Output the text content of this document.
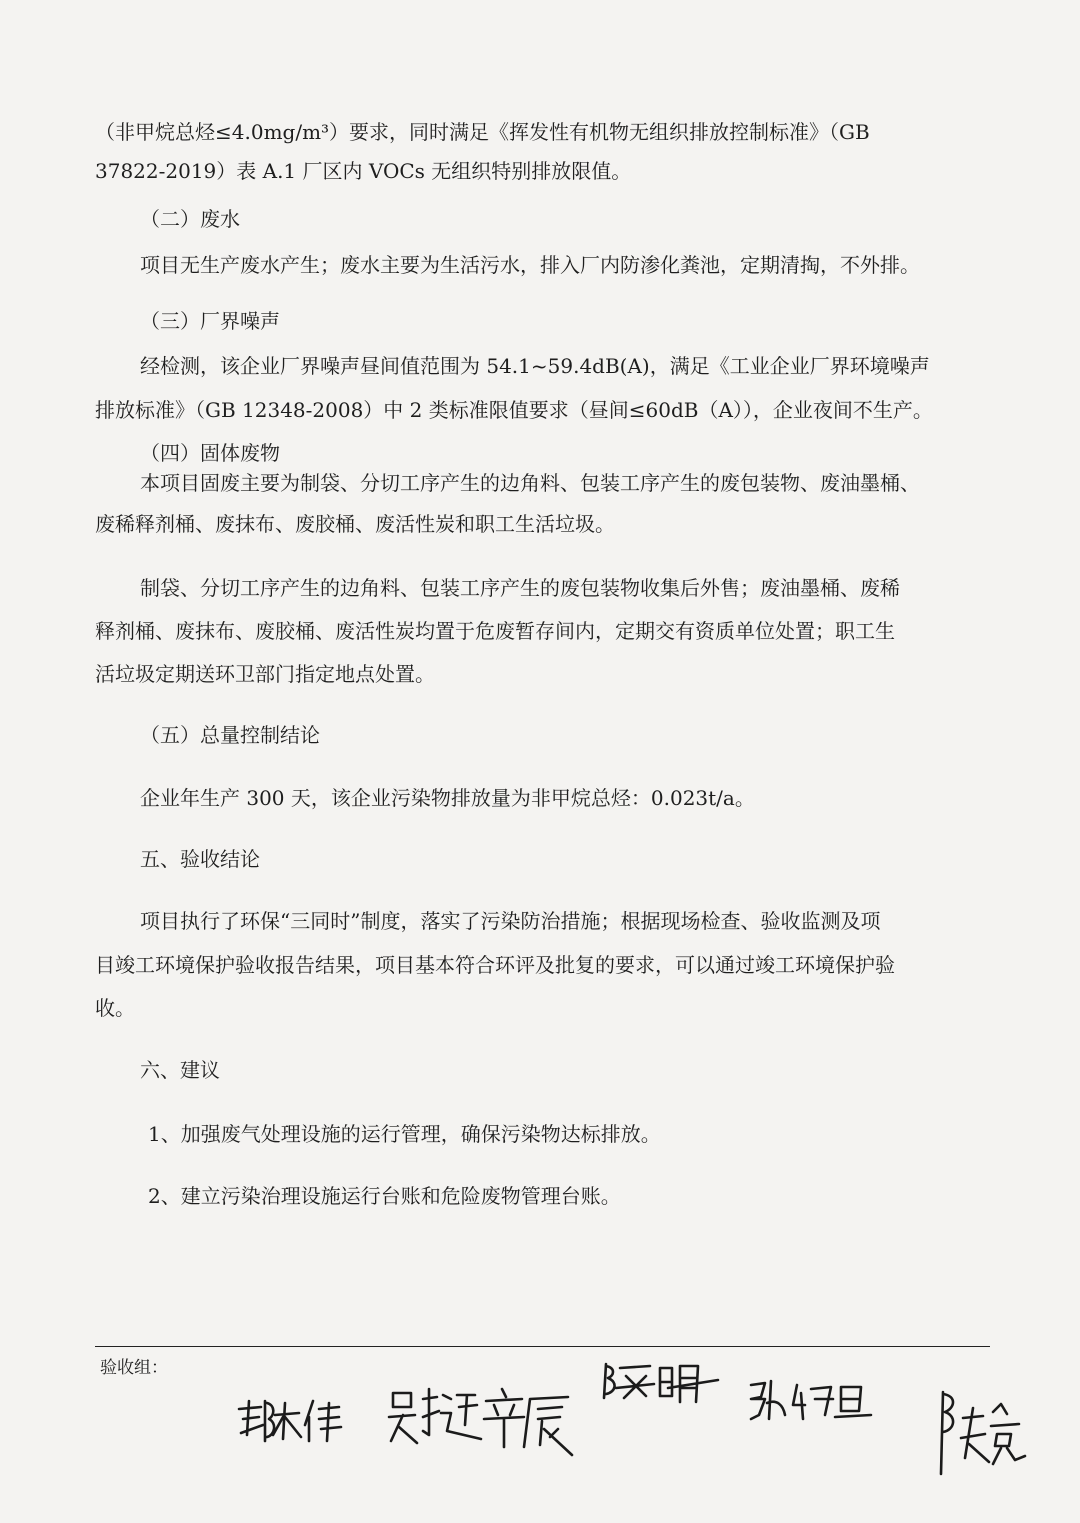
（非甲烷总烃≤4.0mg/m³）要求，同时满足《挥发性有机物无组织排放控制标准》（GB
37822-2019）表 A.1 厂区内 VOCs 无组织特别排放限值。
（二）废水
项目无生产废水产生；废水主要为生活污水，排入厂内防渗化粪池，定期清掏，不外排。
（三）厂界噪声
经检测，该企业厂界噪声昼间值范围为 54.1~59.4dB(A)，满足《工业企业厂界环境噪声
排放标准》（GB 12348-2008）中 2 类标准限值要求（昼间≤60dB（A）），企业夜间不生产。
（四）固体废物
本项目固废主要为制袋、分切工序产生的边角料、包装工序产生的废包装物、废油墨桶、
废稀释剂桶、废抹布、废胶桶、废活性炭和职工生活垃圾。
制袋、分切工序产生的边角料、包装工序产生的废包装物收集后外售；废油墨桶、废稀
释剂桶、废抹布、废胶桶、废活性炭均置于危废暂存间内，定期交有资质单位处置；职工生
活垃圾定期送环卫部门指定地点处置。
（五）总量控制结论
企业年生产 300 天，该企业污染物排放量为非甲烷总烃：0.023t/a。
五、验收结论
项目执行了环保“三同时”制度，落实了污染防治措施；根据现场检查、验收监测及项
目竣工环境保护验收报告结果，项目基本符合环评及批复的要求，可以通过竣工环境保护验
收。
六、建议
1、加强废气处理设施的运行管理，确保污染物达标排放。
2、建立污染治理设施运行台账和危险废物管理台账。
验收组：
